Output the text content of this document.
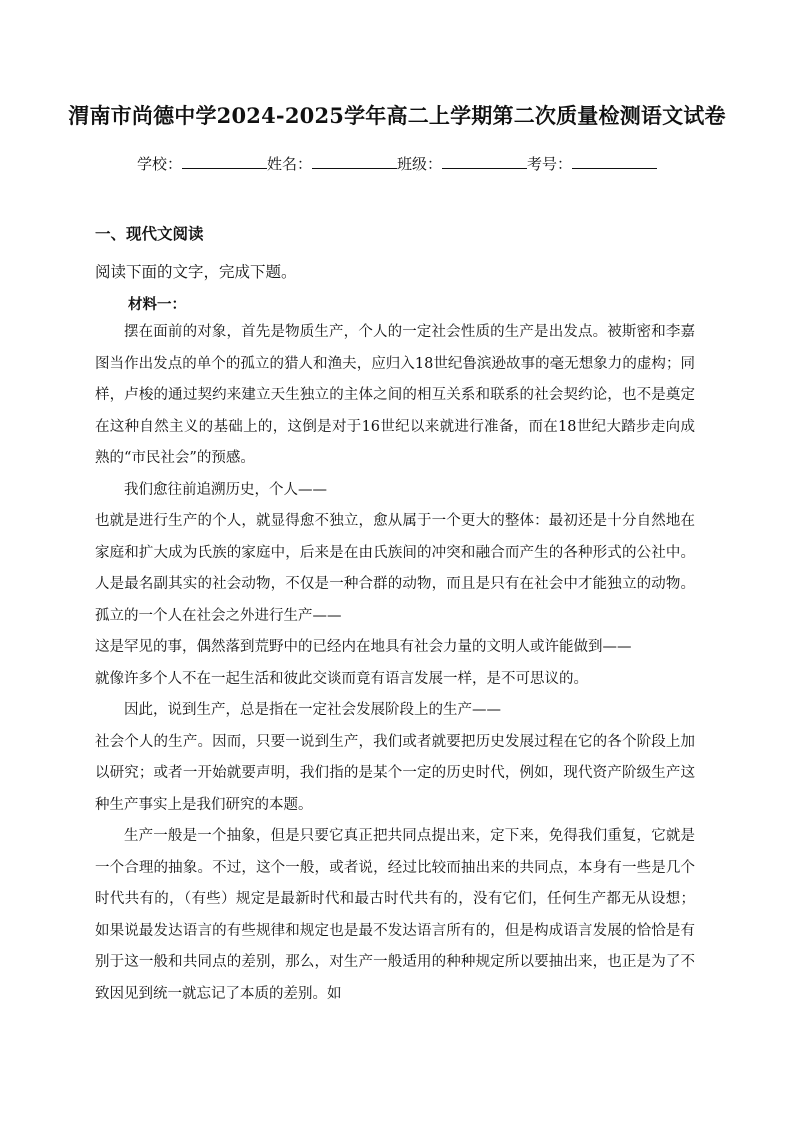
渭南市尚德中学2024-2025学年高二上学期第二次质量检测语文试卷
学校：	姓名：	班级：	考号：
一、现代文阅读
阅读下面的文字，完成下题。
材料一：

摆在面前的对象，首先是物质生产，个人的一定社会性质的生产是出发点。被斯密和李嘉图当作出发点的单个的孤立的猎人和渔夫，应归入18世纪鲁滨逊故事的毫无想象力的虚构；同样，卢梭的通过契约来建立天生独立的主体之间的相互关系和联系的社会契约论，也不是奠定在这种自然主义的基础上的，这倒是对于16世纪以来就进行准备，而在18世纪大踏步走向成熟的“市民社会”的预感。

我们愈往前追溯历史，个人——

也就是进行生产的个人，就显得愈不独立，愈从属于一个更大的整体：最初还是十分自然地在家庭和扩大成为氏族的家庭中，后来是在由氏族间的冲突和融合而产生的各种形式的公社中。人是最名副其实的社会动物，不仅是一种合群的动物，而且是只有在社会中才能独立的动物。孤立的一个人在社会之外进行生产——

这是罕见的事，偶然落到荒野中的已经内在地具有社会力量的文明人或许能做到——

就像许多个人不在一起生活和彼此交谈而竟有语言发展一样，是不可思议的。

因此，说到生产，总是指在一定社会发展阶段上的生产——

社会个人的生产。因而，只要一说到生产，我们或者就要把历史发展过程在它的各个阶段上加以研究；或者一开始就要声明，我们指的是某个一定的历史时代，例如，现代资产阶级生产这种生产事实上是我们研究的本题。

生产一般是一个抽象，但是只要它真正把共同点提出来，定下来，免得我们重复，它就是一个合理的抽象。不过，这个一般，或者说，经过比较而抽出来的共同点，本身有一些是几个时代共有的，（有些）规定是最新时代和最古时代共有的，没有它们，任何生产都无从设想；如果说最发达语言的有些规律和规定也是最不发达语言所有的，但是构成语言发展的恰恰是有别于这一般和共同点的差别，那么，对生产一般适用的种种规定所以要抽出来，也正是为了不致因见到统一就忘记了本质的差别。如
